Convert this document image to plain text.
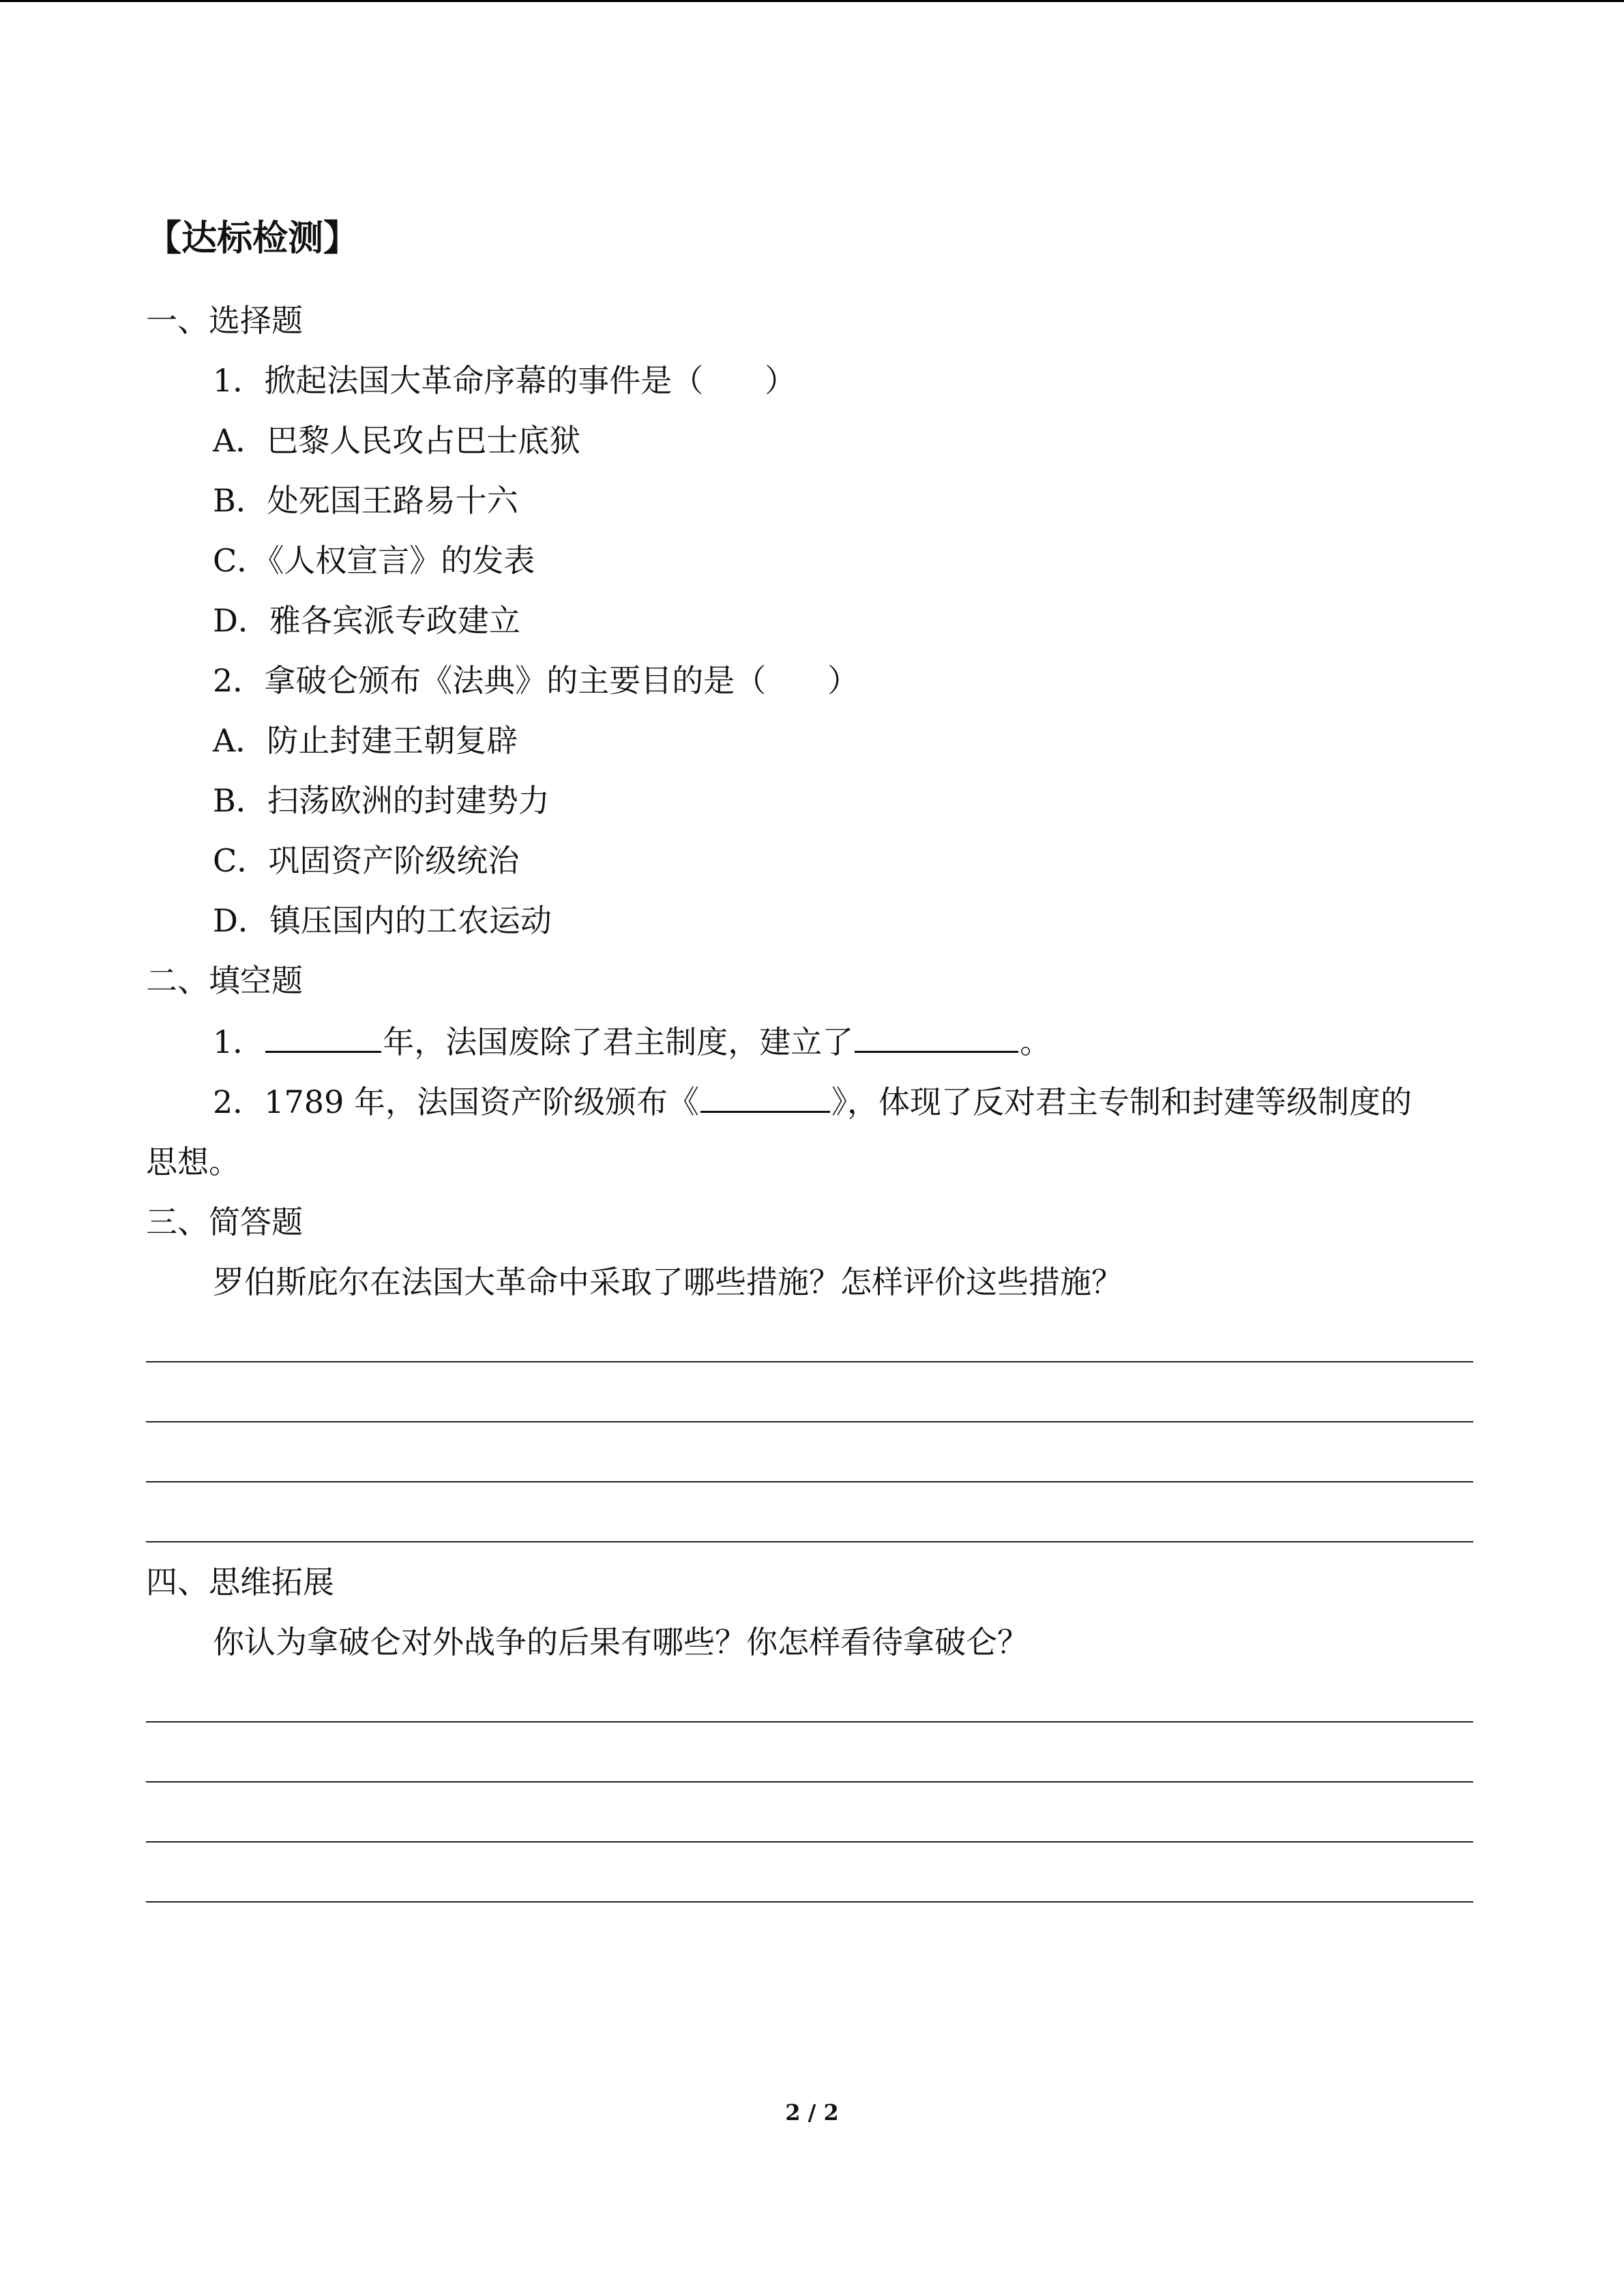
【达标检测】
一、选择题
1．掀起法国大革命序幕的事件是（ ）
A．巴黎人民攻占巴士底狱
B．处死国王路易十六
C．《人权宣言》的发表
D．雅各宾派专政建立
2．拿破仑颁布《法典》的主要目的是（ ）
A．防止封建王朝复辟
B．扫荡欧洲的封建势力
C．巩固资产阶级统治
D．镇压国内的工农运动
二、填空题
1．	年，法国废除了君主制度，建立了	。
2．1789 年，法国资产阶级颁布《	》，体现了反对君主专制和封建等级制度的
思想。
三、简答题
罗伯斯庇尔在法国大革命中采取了哪些措施？怎样评价这些措施？
四、思维拓展
你认为拿破仑对外战争的后果有哪些？你怎样看待拿破仑？
2 / 2
